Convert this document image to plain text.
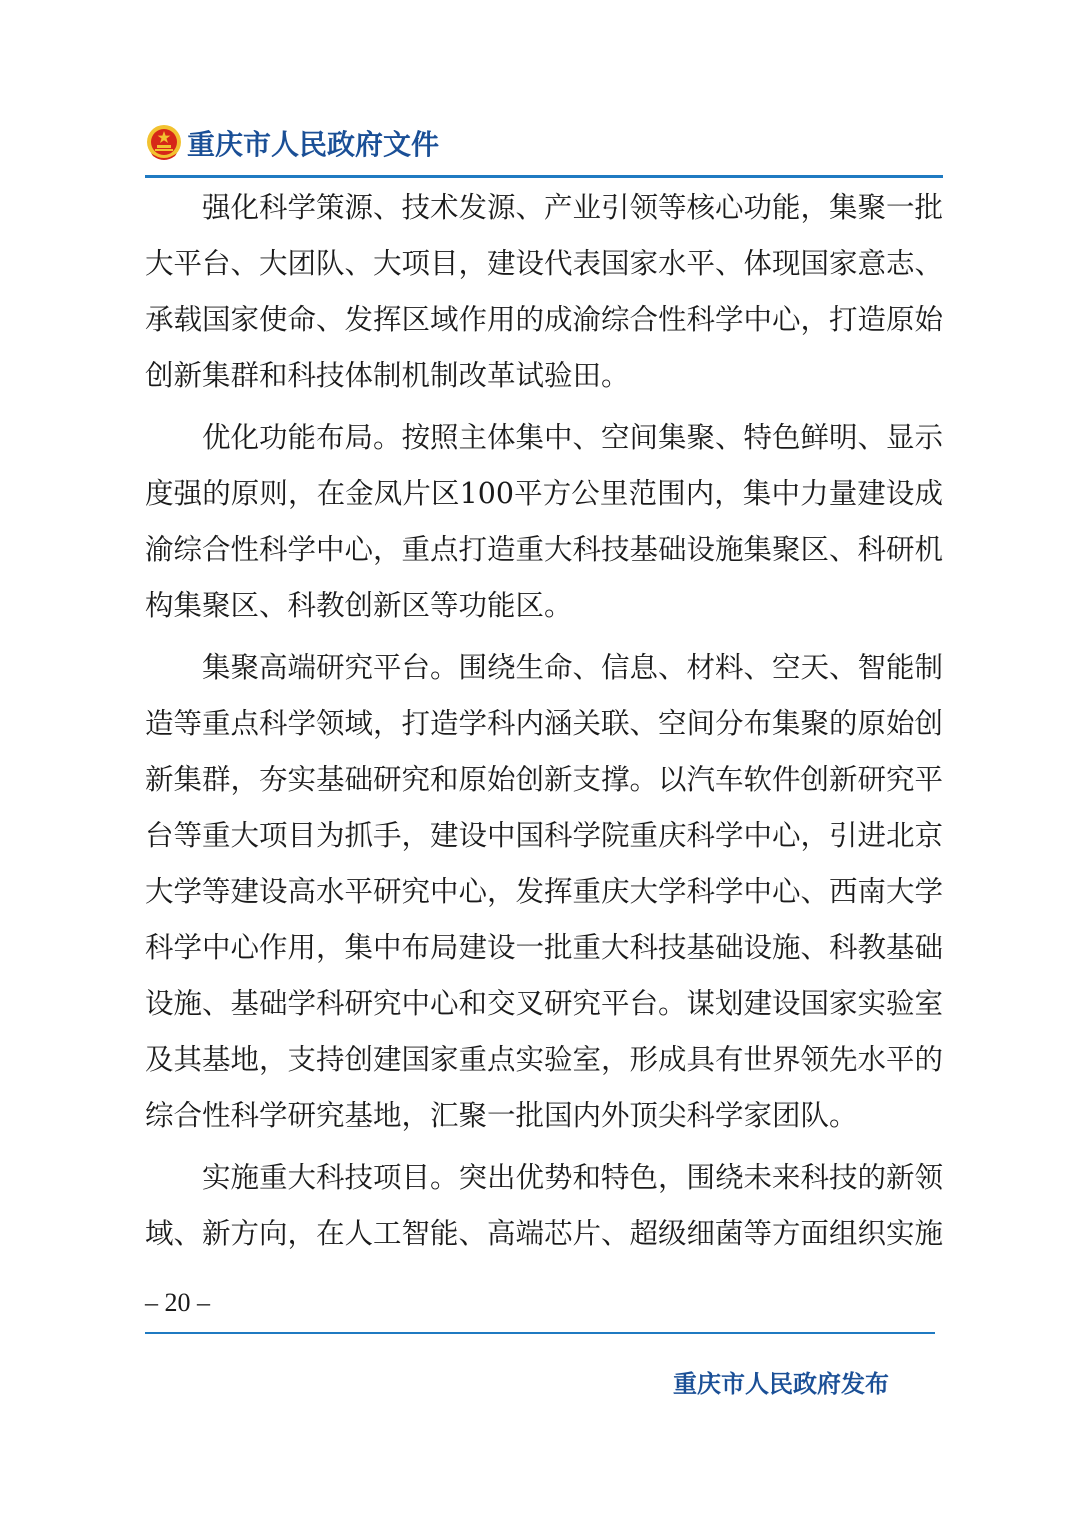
重庆市人民政府文件

强化科学策源、技术发源、产业引领等核心功能，集聚一批大平台、大团队、大项目，建设代表国家水平、体现国家意志、承载国家使命、发挥区域作用的成渝综合性科学中心，打造原始创新集群和科技体制机制改革试验田。

优化功能布局。按照主体集中、空间集聚、特色鲜明、显示度强的原则，在金凤片区100平方公里范围内，集中力量建设成渝综合性科学中心，重点打造重大科技基础设施集聚区、科研机构集聚区、科教创新区等功能区。

集聚高端研究平台。围绕生命、信息、材料、空天、智能制造等重点科学领域，打造学科内涵关联、空间分布集聚的原始创新集群，夯实基础研究和原始创新支撑。以汽车软件创新研究平台等重大项目为抓手，建设中国科学院重庆科学中心，引进北京大学等建设高水平研究中心，发挥重庆大学科学中心、西南大学科学中心作用，集中布局建设一批重大科技基础设施、科教基础设施、基础学科研究中心和交叉研究平台。谋划建设国家实验室及其基地，支持创建国家重点实验室，形成具有世界领先水平的综合性科学研究基地，汇聚一批国内外顶尖科学家团队。

实施重大科技项目。突出优势和特色，围绕未来科技的新领域、新方向，在人工智能、高端芯片、超级细菌等方面组织实施

– 20 –
重庆市人民政府发布
